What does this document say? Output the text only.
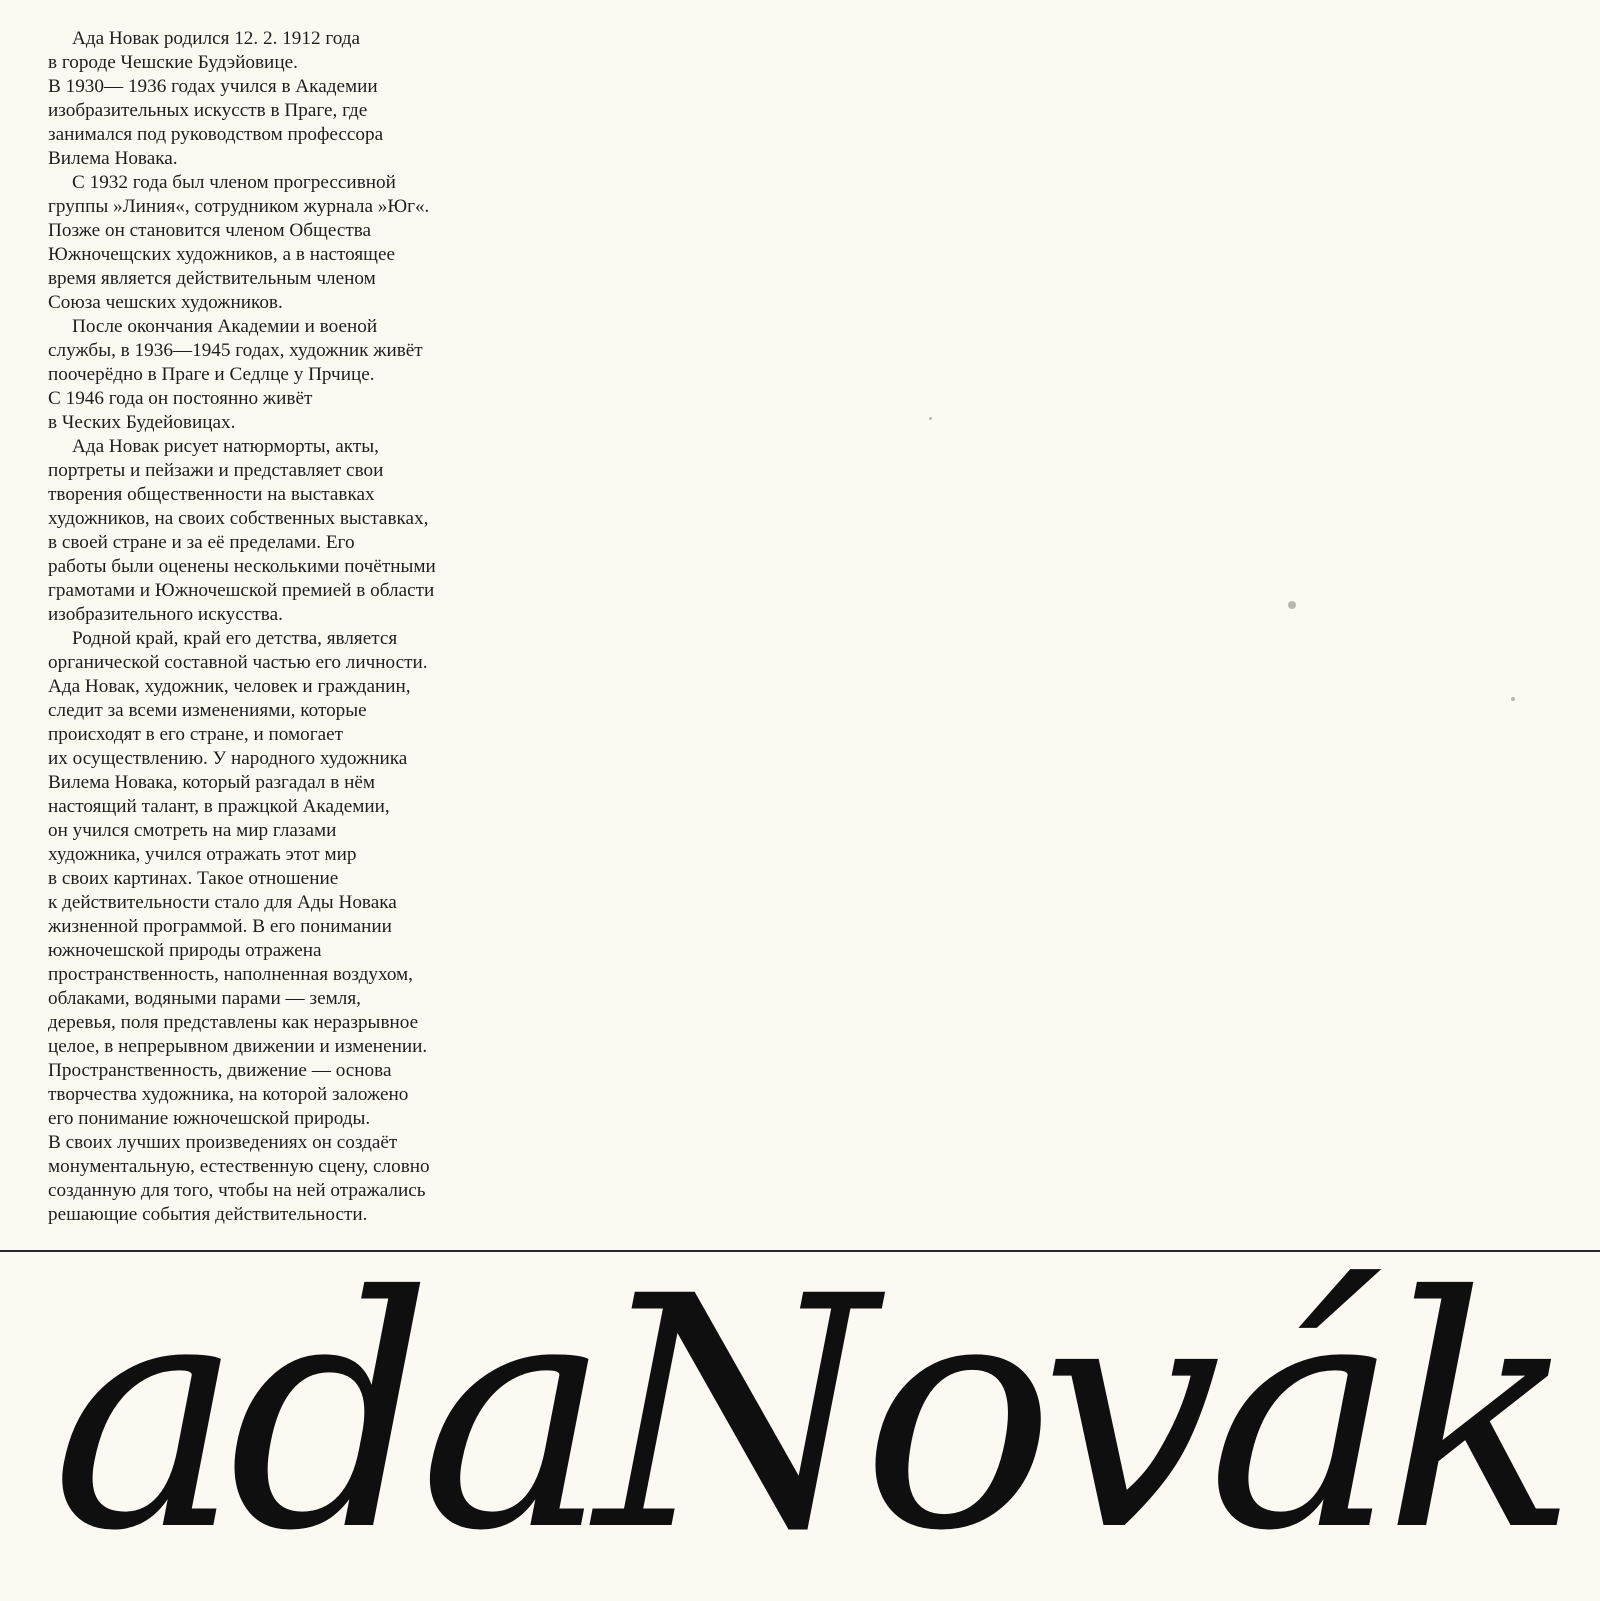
Ада Новак родился 12. 2. 1912 года
в городе Чешские Будэйовице.
В 1930— 1936 годах учился в Академии
изобразительных искусств в Праге, где
занимался под руководством профессора
Вилема Новака.
С 1932 года был членом прогрессивной
группы »Линия«, сотрудником журнала »Юг«.
Позже он становится членом Общества
Южночещских художников, а в настоящее
время является действительным членом
Союза чешских художников.
После окончания Академии и военой
службы, в 1936—1945 годах, художник живёт
поочерёдно в Праге и Седлце у Прчице.
С 1946 года он постоянно живёт
в Ческих Будейовицах.
Ада Новак рисует натюрморты, акты,
портреты и пейзажи и представляет свои
творения общественности на выставках
художников, на своих собственных выставках,
в своей стране и за её пределами. Его
работы были оценены несколькими почётными
грамотами и Южночешской премией в области
изобразительного искусства.
Родной край, край его детства, является
органической составной частью его личности.
Ада Новак, художник, человек и гражданин,
следит за всеми изменениями, которые
происходят в его стране, и помогает
их осуществлению. У народного художника
Вилема Новака, который разгадал в нём
настоящий талант, в пражцкой Академии,
он учился смотреть на мир глазами
художника, учился отражать этот мир
в своих картинах. Такое отношение
к действительности стало для Ады Новака
жизненной программой. В его понимании
южночешской природы отражена
пространственность, наполненная воздухом,
облаками, водяными парами — земля,
деревья, поля представлены как неразрывное
целое, в непрерывном движении и изменении.
Пространственность, движение — основа
творчества художника, на которой заложено
его понимание южночешской природы.
В своих лучших произведениях он создаёт
монументальную, естественную сцену, словно
созданную для того, чтобы на ней отражались
решающие события действительности.
adaNovák
